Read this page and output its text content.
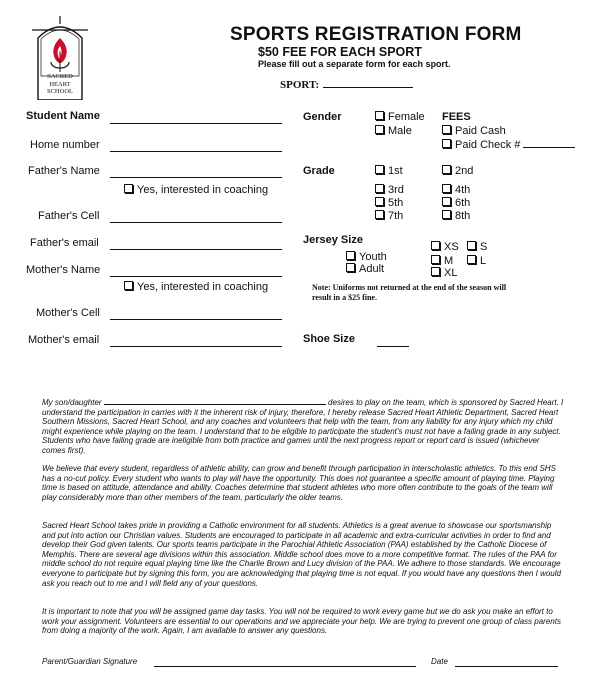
SACRED
HEART
SCHOOL
SPORTS REGISTRATION FORM
$50 FEE FOR EACH SPORT
Please fill out a separate form for each sport.
SPORT:
Student Name
Home number
Father's Name
Yes, interested in coaching
Father's Cell
Father's email
Mother's Name
Yes, interested in coaching
Mother's Cell
Mother's email
Gender	Female
Male
FEES
Paid Cash
Paid Check #
Grade	1st	2nd
3rd	4th
5th	6th
7th	8th
Jersey Size
Youth
Adult
XS	S
M	L
XL
Note: Uniforms not returned at the end of the season will result in a $25 fine.
Shoe Size

My son/daughter	desires to play on the team, which is sponsored by Sacred Heart. I understand the participation in carries with it the inherent risk of injury, therefore, I hereby release Sacred Heart Athletic Department, Sacred Heart Southern Missions, Sacred Heart School, and any coaches and volunteers that help with the team, from any liability for any injury which my child might experience while playing on the team. I understand that to be eligible to participate the student’s must not have a failing grade in any subject. Students who have failing grade are ineligible from both practice and games until the next progress report or report card is issued (whichever comes first).

We believe that every student, regardless of athletic ability, can grow and benefit through participation in interscholastic athletics. To this end SHS has a no-cut policy. Every student who wants to play will have the opportunity. This does not guarantee a specific amount of playing time. Playing time is based on attitude, attendance and ability. Coaches determine that student athletes who more often contribute to the goals of the team will play considerably more than other members of the team, particularly the older teams.

Sacred Heart School takes pride in providing a Catholic environment for all students. Athletics is a great avenue to showcase our sportsmanship and put into action our Christian values. Students are encouraged to participate in all academic and extra-curricular activities in order to find and develop their God given talents. Our sports teams participate in the Parochial Athletic Association (PAA) established by the Catholic Diocese of Memphis. There are several age divisions within this association. Middle school does move to a more competitive format. The rules of the PAA for middle school do not require equal playing time like the Charlie Brown and Lucy division of the PAA. We adhere to those standards. We encourage everyone to participate but by signing this form, you are acknowledging that playing time is not equal. If you would have any questions then I would ask you reach out to me and I will field any of your questions.

It is important to note that you will be assigned game day tasks. You will not be required to work every game but we do ask you make an effort to work your assignment. Volunteers are essential to our operations and we appreciate your help. We are trying to prevent one group of class parents from doing a majority of the work. Again, I am available to answer any questions.

Parent/Guardian Signature	Date
